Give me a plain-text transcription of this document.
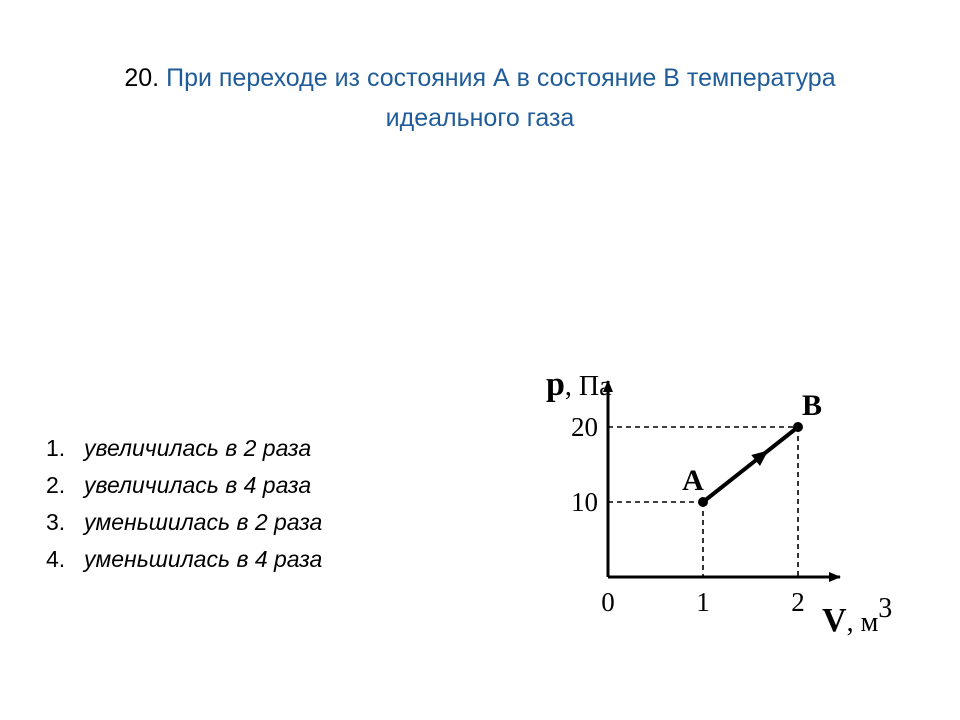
20. При переходе из состояния А в состояние В температура идеального газа
1. увеличилась в 2 раза
2. увеличилась в 4 раза
3. уменьшилась в 2 раза
4. уменьшилась в 4 раза
p, Па
V, м3
0	1	2
10
20
А
В
